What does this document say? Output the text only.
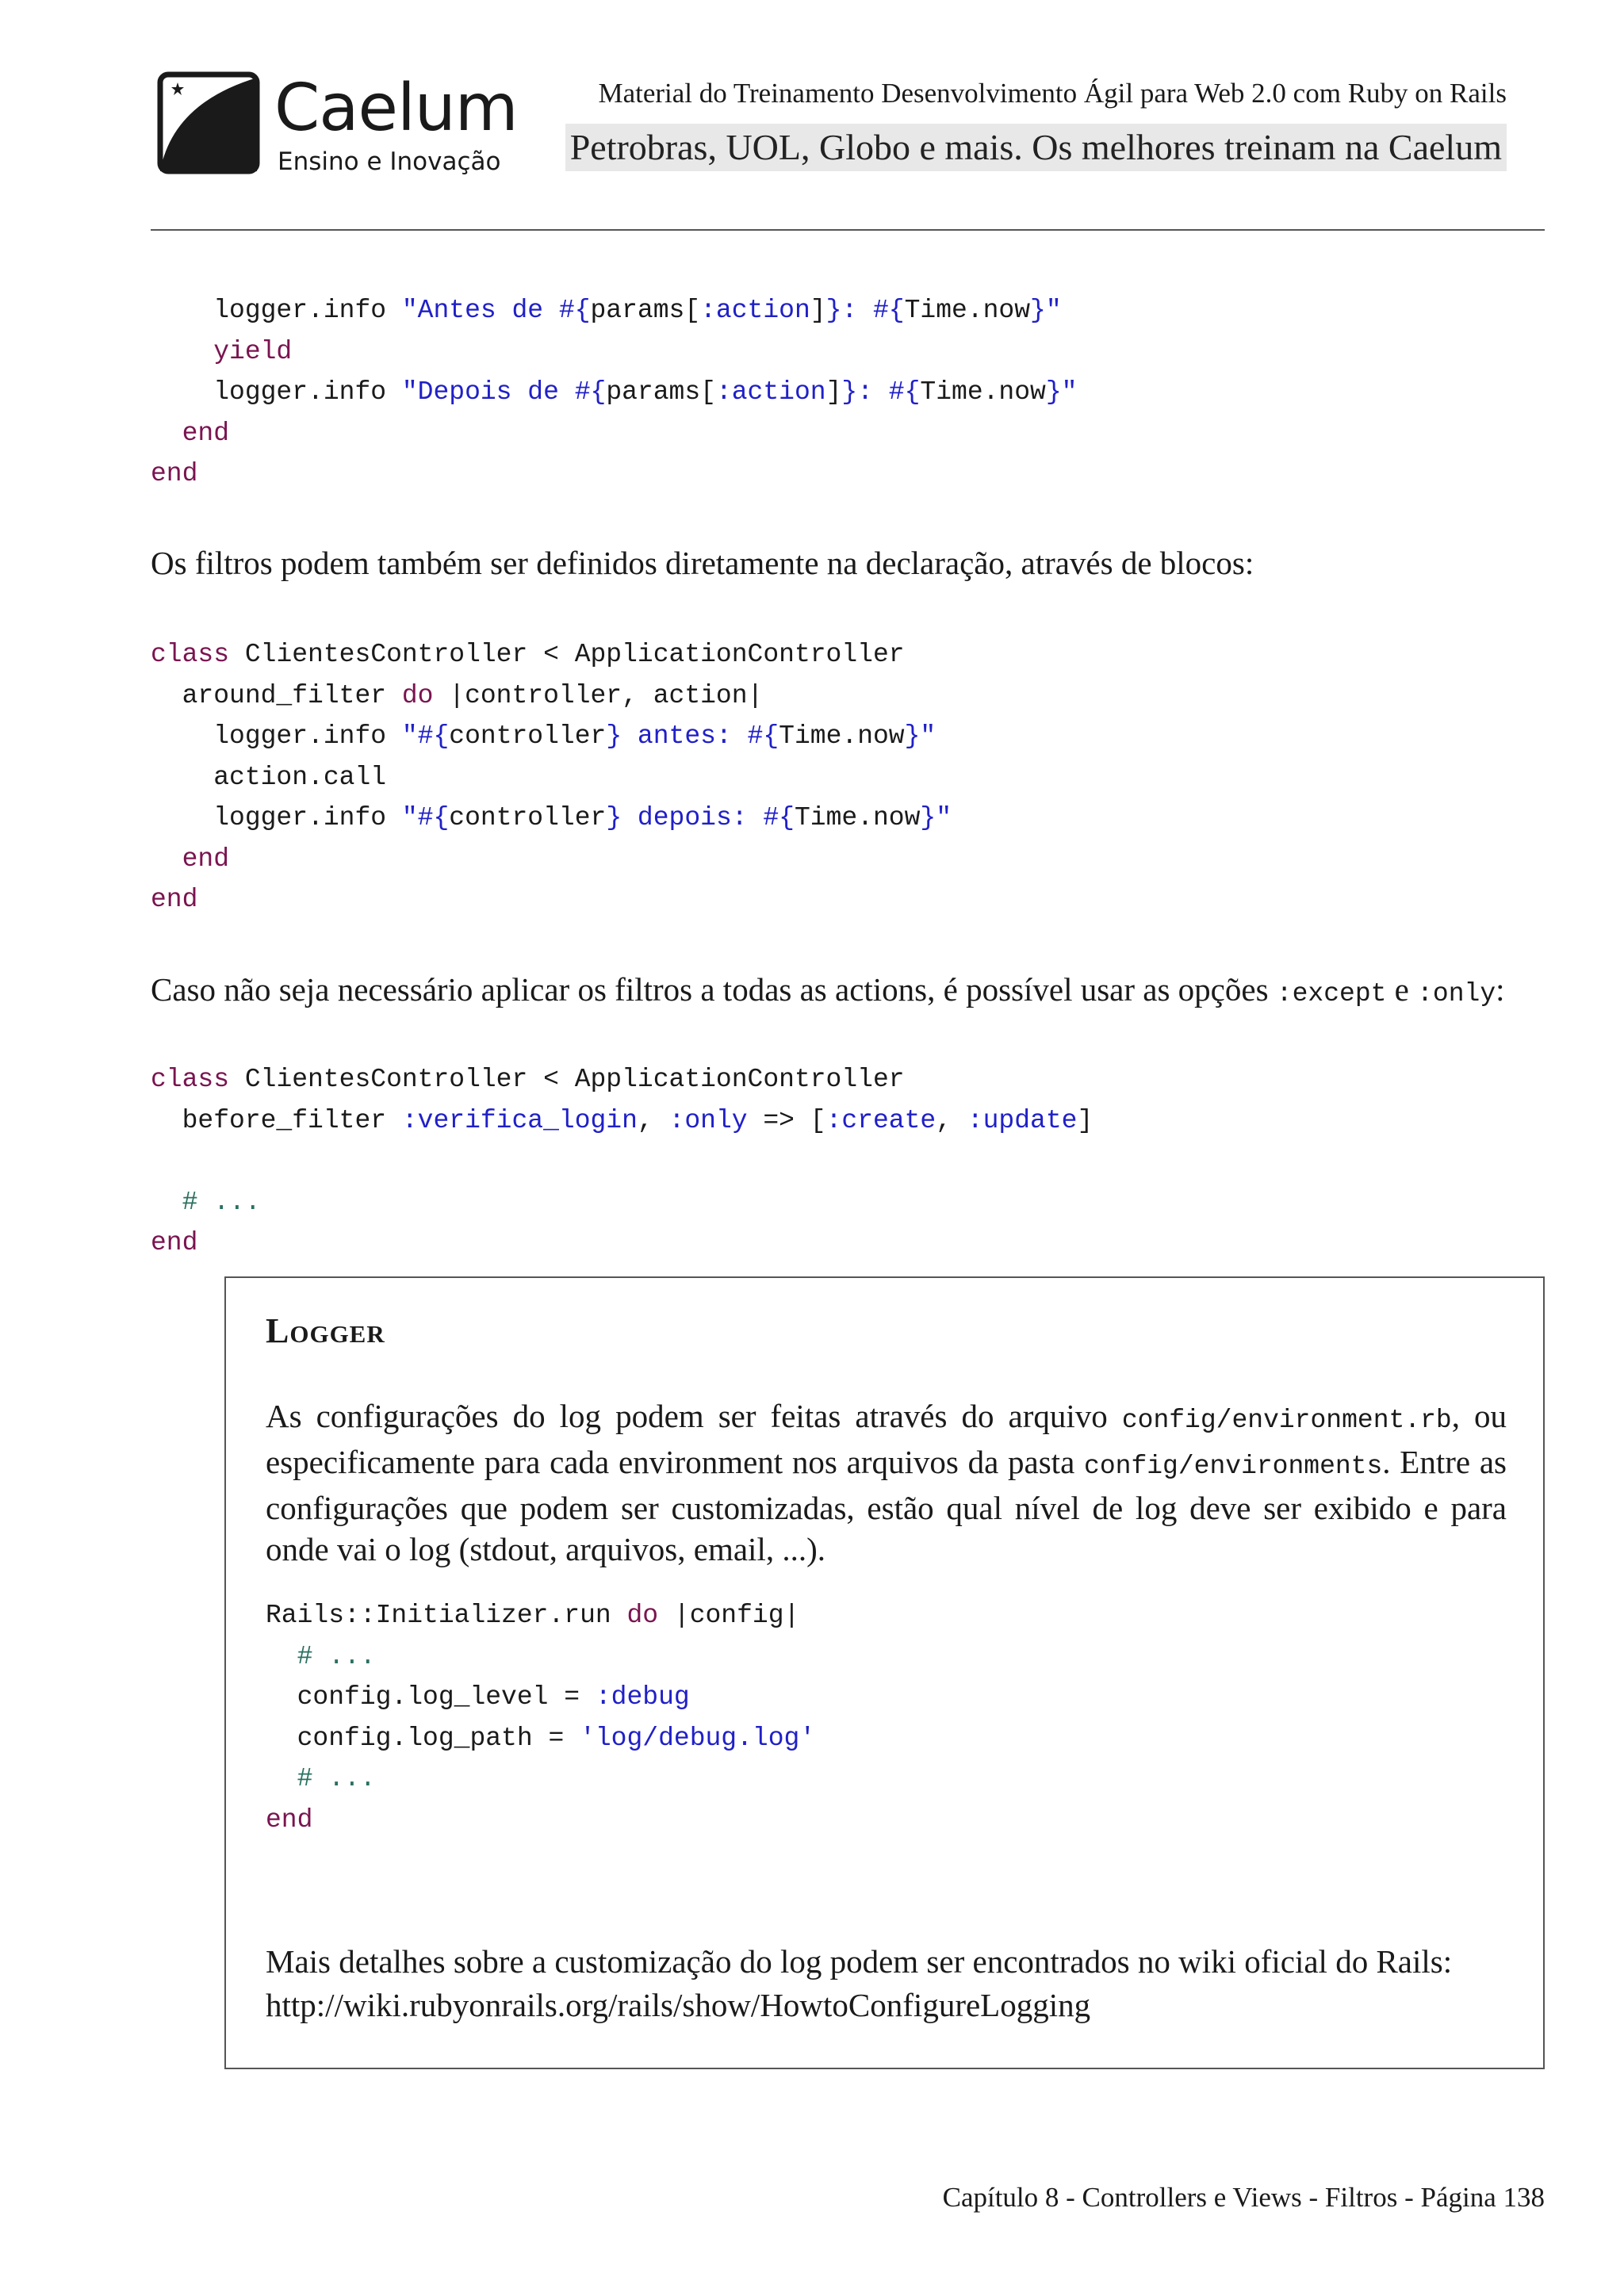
Caelum
Ensino e Inovação
Material do Treinamento Desenvolvimento Ágil para Web 2.0 com Ruby on Rails
Petrobras, UOL, Globo e mais. Os melhores treinam na Caelum
logger.info "Antes de #{params[:action]}: #{Time.now}"
yield
logger.info "Depois de #{params[:action]}: #{Time.now}"
end
end
Os filtros podem também ser definidos diretamente na declaração, através de blocos:
class ClientesController < ApplicationController
around_filter do |controller, action|
logger.info "#{controller} antes: #{Time.now}"
action.call
logger.info "#{controller} depois: #{Time.now}"
end
end
Caso não seja necessário aplicar os filtros a todas as actions, é possível usar as opções :except e :only:
class ClientesController < ApplicationController
before_filter :verifica_login, :only => [:create, :update]

# ...
end
Logger
As configurações do log podem ser feitas através do arquivo config/environment.rb, ou especificamente para cada environment nos arquivos da pasta config/environments. Entre as configurações que podem ser customizadas, estão qual nível de log deve ser exibido e para onde vai o log (stdout, arquivos, email, ...).
Rails::Initializer.run do |config|
# ...
config.log_level = :debug
config.log_path = 'log/debug.log'
# ...
end
Mais detalhes sobre a customização do log podem ser encontrados no wiki oficial do Rails:
http://wiki.rubyonrails.org/rails/show/HowtoConfigureLogging
Capítulo 8 - Controllers e Views - Filtros - Página 138
